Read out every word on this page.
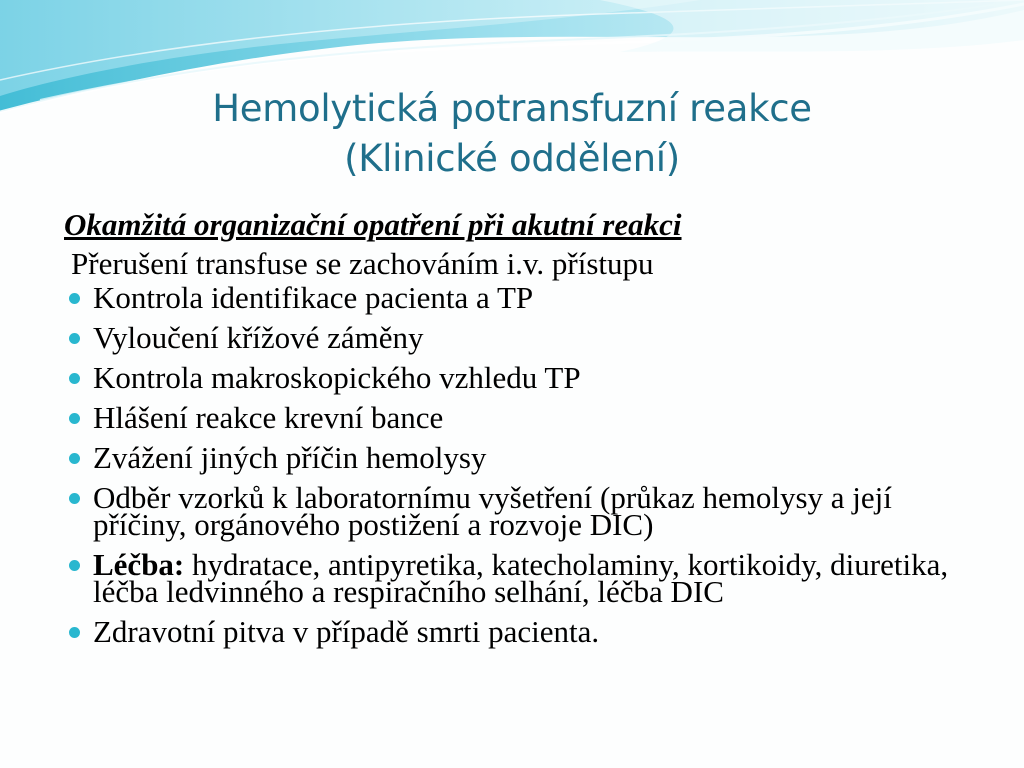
Hemolytická potransfuzní reakce
(Klinické oddělení)

Okamžitá organizační opatření při akutní reakci

Přerušení transfuse se zachováním i.v. přístupu

Kontrola identifikace pacienta a TP
Vyloučení křížové záměny
Kontrola makroskopického vzhledu TP
Hlášení reakce krevní bance
Zvážení jiných příčin hemolysy
Odběr vzorků k laboratornímu vyšetření (průkaz hemolysy a její příčiny, orgánového postižení a rozvoje DIC)
Léčba: hydratace, antipyretika, katecholaminy, kortikoidy, diuretika, léčba ledvinného a respiračního selhání, léčba DIC
Zdravotní pitva v případě smrti pacienta.
